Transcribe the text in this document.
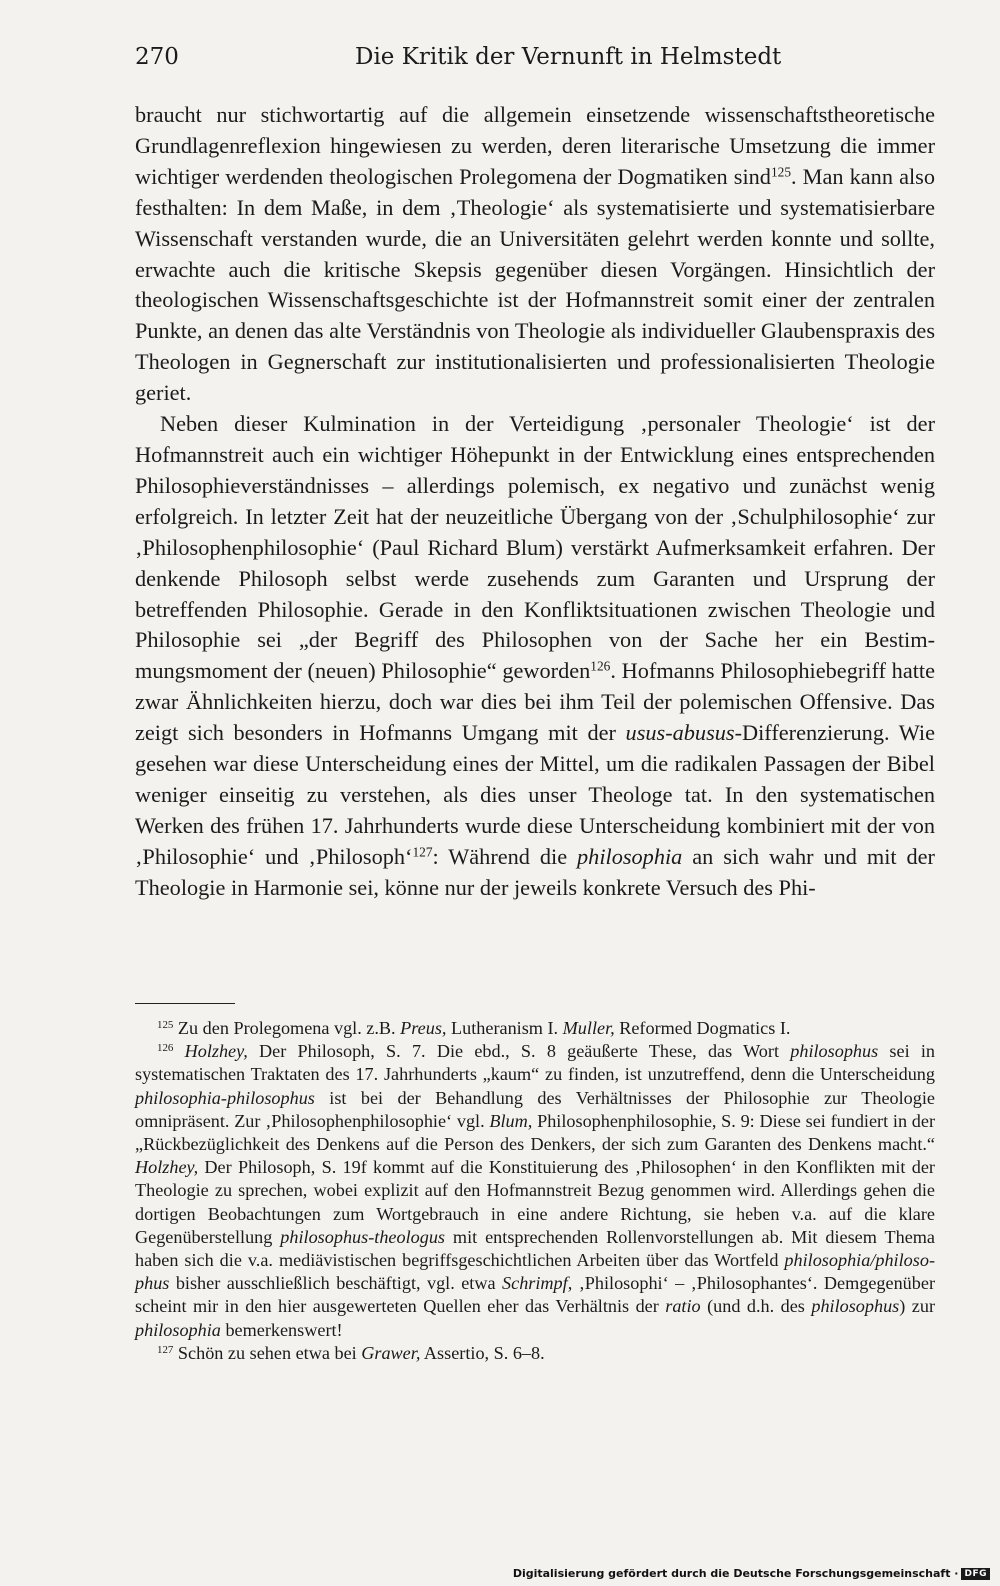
270	Die Kritik der Vernunft in Helmstedt

braucht nur stichwortartig auf die allgemein einsetzende wissenschaftstheoretische Grundlagenreflexion hingewiesen zu werden, deren literarische Umsetzung die immer wichtiger werdenden theologischen Prolegomena der Dogmatiken sind$^{125}$. Man kann also festhalten: In dem Maße, in dem ‚Theologie‘ als systematisierte und systematisierbare Wissenschaft verstanden wurde, die an Universitäten gelehrt werden konnte und sollte, erwachte auch die kritische Skepsis gegenüber diesen Vorgängen. Hinsichtlich der theologischen Wissenschaftsgeschichte ist der Hofmannstreit somit einer der zentralen Punkte, an denen das alte Verständnis von Theologie als individueller Glaubenspraxis des Theologen in Gegnerschaft zur institutionalisierten und professionalisierten Theologie geriet.

Neben dieser Kulmination in der Verteidigung ‚personaler Theologie‘ ist der Hofmannstreit auch ein wichtiger Höhepunkt in der Entwicklung eines entsprechenden Philosophieverständnisses – allerdings polemisch, ex negativo und zunächst wenig erfolgreich. In letzter Zeit hat der neuzeitliche Übergang von der ‚Schulphilosophie‘ zur ‚Philosophenphilosophie‘ (Paul Richard Blum) verstärkt Aufmerksamkeit erfahren. Der denkende Philosoph selbst werde zusehends zum Garanten und Ursprung der betreffenden Philosophie. Gerade in den Konfliktsituationen zwischen Theologie und Philosophie sei „der Begriff des Philosophen von der Sache her ein Bestimmungsmoment der (neuen) Philosophie“ geworden$^{126}$. Hofmanns Philosophiebegriff hatte zwar Ähnlichkeiten hierzu, doch war dies bei ihm Teil der polemischen Offensive. Das zeigt sich besonders in Hofmanns Umgang mit der usus-abusus-Differenzierung. Wie gesehen war diese Unterscheidung eines der Mittel, um die radikalen Passagen der Bibel weniger einseitig zu verstehen, als dies unser Theologe tat. In den systematischen Werken des frühen 17. Jahrhunderts wurde diese Unterscheidung kombiniert mit der von ‚Philosophie‘ und ‚Philosoph‘$^{127}$: Während die philosophia an sich wahr und mit der Theologie in Harmonie sei, könne nur der jeweils konkrete Versuch des Phi-

$^{125}$ Zu den Prolegomena vgl. z.B. Preus, Lutheranism I. Muller, Reformed Dogmatics I.

$^{126}$ Holzhey, Der Philosoph, S. 7. Die ebd., S. 8 geäußerte These, das Wort philosophus sei in systematischen Traktaten des 17. Jahrhunderts „kaum“ zu finden, ist unzutreffend, denn die Unterscheidung philosophia-philosophus ist bei der Behandlung des Verhältnisses der Philosophie zur Theologie omnipräsent. Zur ‚Philosophenphilosophie‘ vgl. Blum, Philosophenphilosophie, S. 9: Diese sei fundiert in der „Rückbezüglichkeit des Denkens auf die Person des Denkers, der sich zum Garanten des Denkens macht.“ Holzhey, Der Philosoph, S. 19f kommt auf die Konstituierung des ‚Philosophen‘ in den Konflikten mit der Theologie zu sprechen, wobei explizit auf den Hofmannstreit Bezug genommen wird. Allerdings gehen die dortigen Beobachtungen zum Wortgebrauch in eine andere Richtung, sie heben v.a. auf die klare Gegenüberstellung philosophus-theologus mit entsprechenden Rollenvorstellungen ab. Mit diesem Thema haben sich die v.a. mediävistischen begriffsgeschichtlichen Arbeiten über das Wortfeld philosophia/philosophus bisher ausschließlich beschäftigt, vgl. etwa Schrimpf, ‚Philosophi‘ – ‚Philosophantes‘. Demgegenüber scheint mir in den hier ausgewerteten Quellen eher das Verhältnis der ratio (und d.h. des philosophus) zur philosophia bemerkenswert!

$^{127}$ Schön zu sehen etwa bei Grawer, Assertio, S. 6–8.

Digitalisierung gefördert durch die Deutsche Forschungsgemeinschaft · DFG
